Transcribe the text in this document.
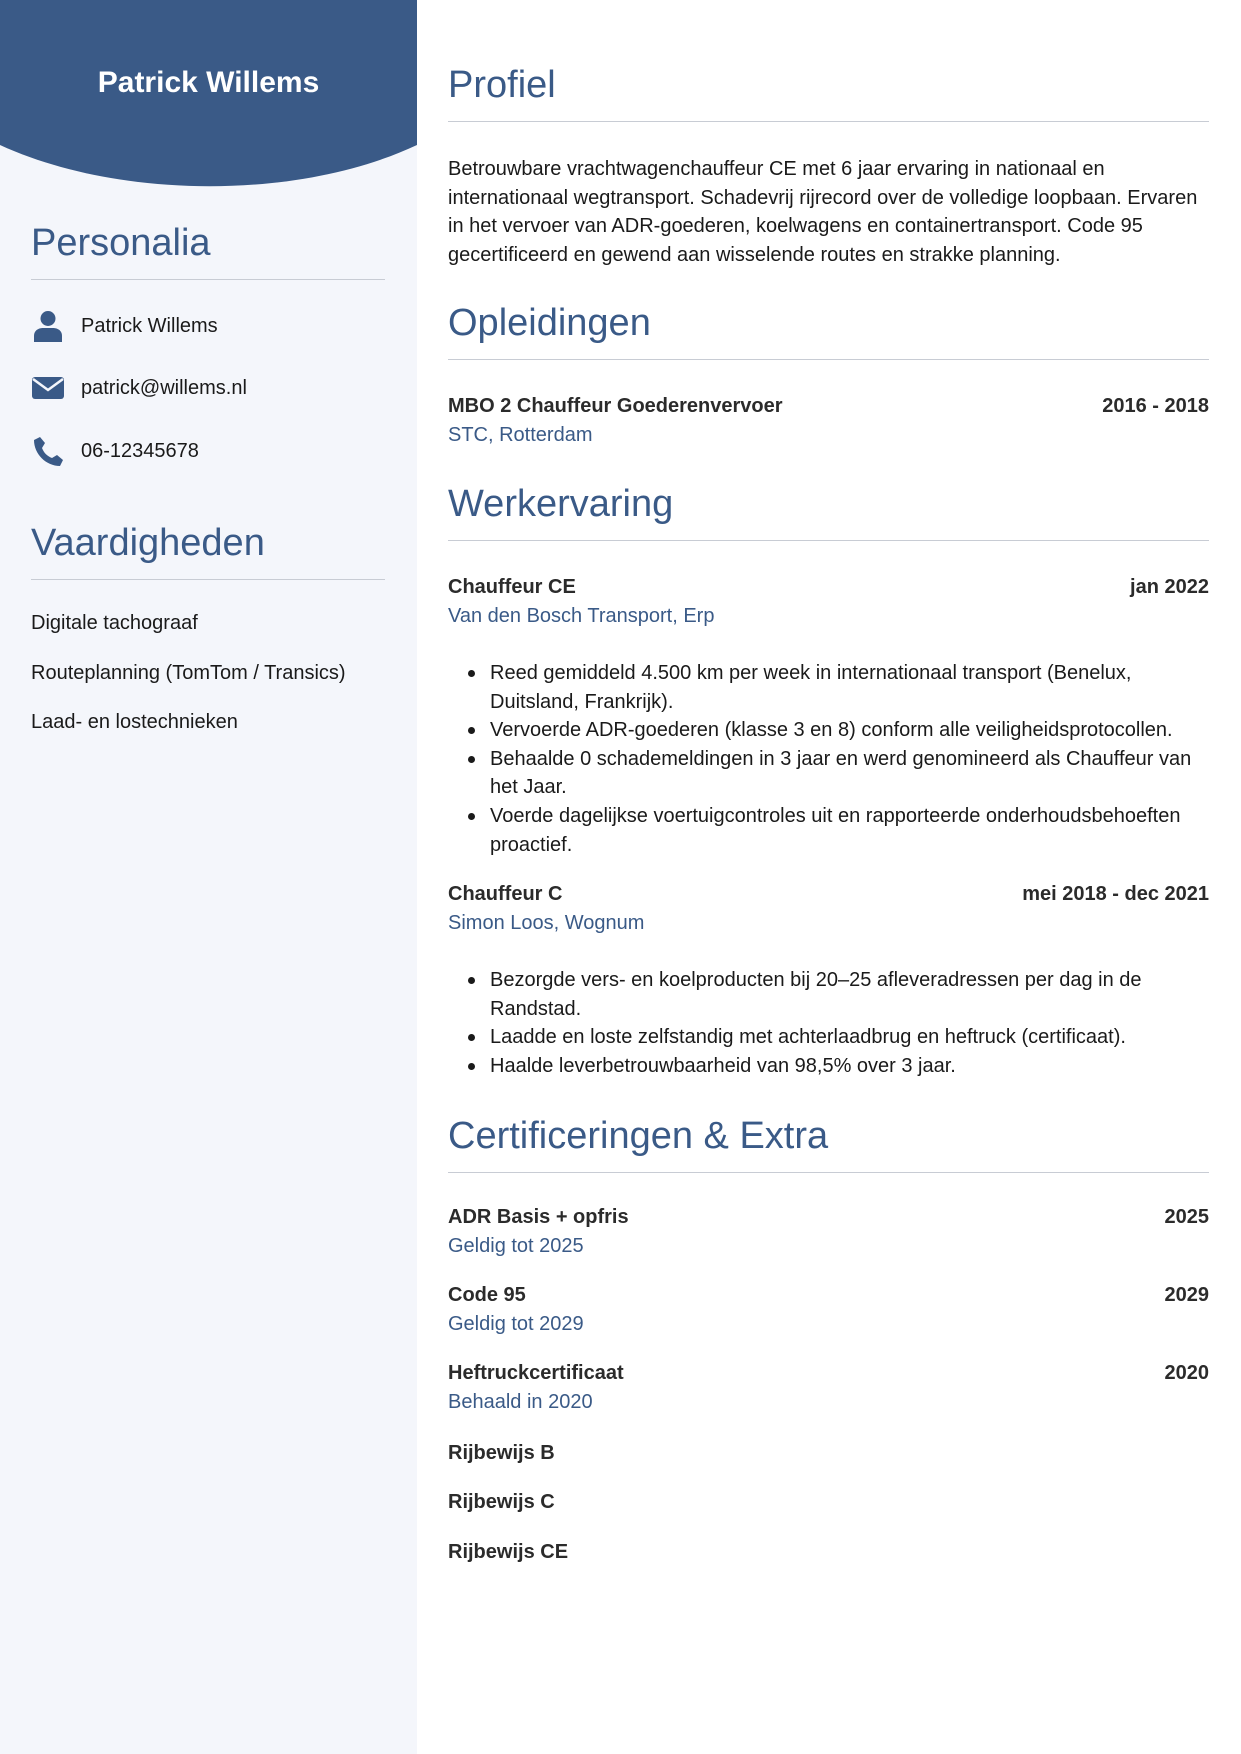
Patrick Willems
Personalia
Patrick Willems
patrick@willems.nl
06-12345678
Vaardigheden
Digitale tachograaf
Routeplanning (TomTom / Transics)
Laad- en lostechnieken
Profiel

Betrouwbare vrachtwagenchauffeur CE met 6 jaar ervaring in nationaal en internationaal wegtransport. Schadevrij rijrecord over de volledige loopbaan. Ervaren in het vervoer van ADR-goederen, koelwagens en containertransport. Code 95 gecertificeerd en gewend aan wisselende routes en strakke planning.

Opleidingen
MBO 2 Chauffeur Goederenvervoer	2016 - 2018
STC, Rotterdam
Werkervaring
Chauffeur CE	jan 2022
Van den Bosch Transport, Erp
Reed gemiddeld 4.500 km per week in internationaal transport (Benelux, Duitsland, Frankrijk).
Vervoerde ADR-goederen (klasse 3 en 8) conform alle veiligheidsprotocollen.
Behaalde 0 schademeldingen in 3 jaar en werd genomineerd als Chauffeur van het Jaar.
Voerde dagelijkse voertuigcontroles uit en rapporteerde onderhoudsbehoeften proactief.
Chauffeur C	mei 2018 - dec 2021
Simon Loos, Wognum
Bezorgde vers- en koelproducten bij 20–25 afleveradressen per dag in de Randstad.
Laadde en loste zelfstandig met achterlaadbrug en heftruck (certificaat).
Haalde leverbetrouwbaarheid van 98,5% over 3 jaar.
Certificeringen & Extra
ADR Basis + opfris	2025
Geldig tot 2025
Code 95	2029
Geldig tot 2029
Heftruckcertificaat	2020
Behaald in 2020
Rijbewijs B
Rijbewijs C
Rijbewijs CE
